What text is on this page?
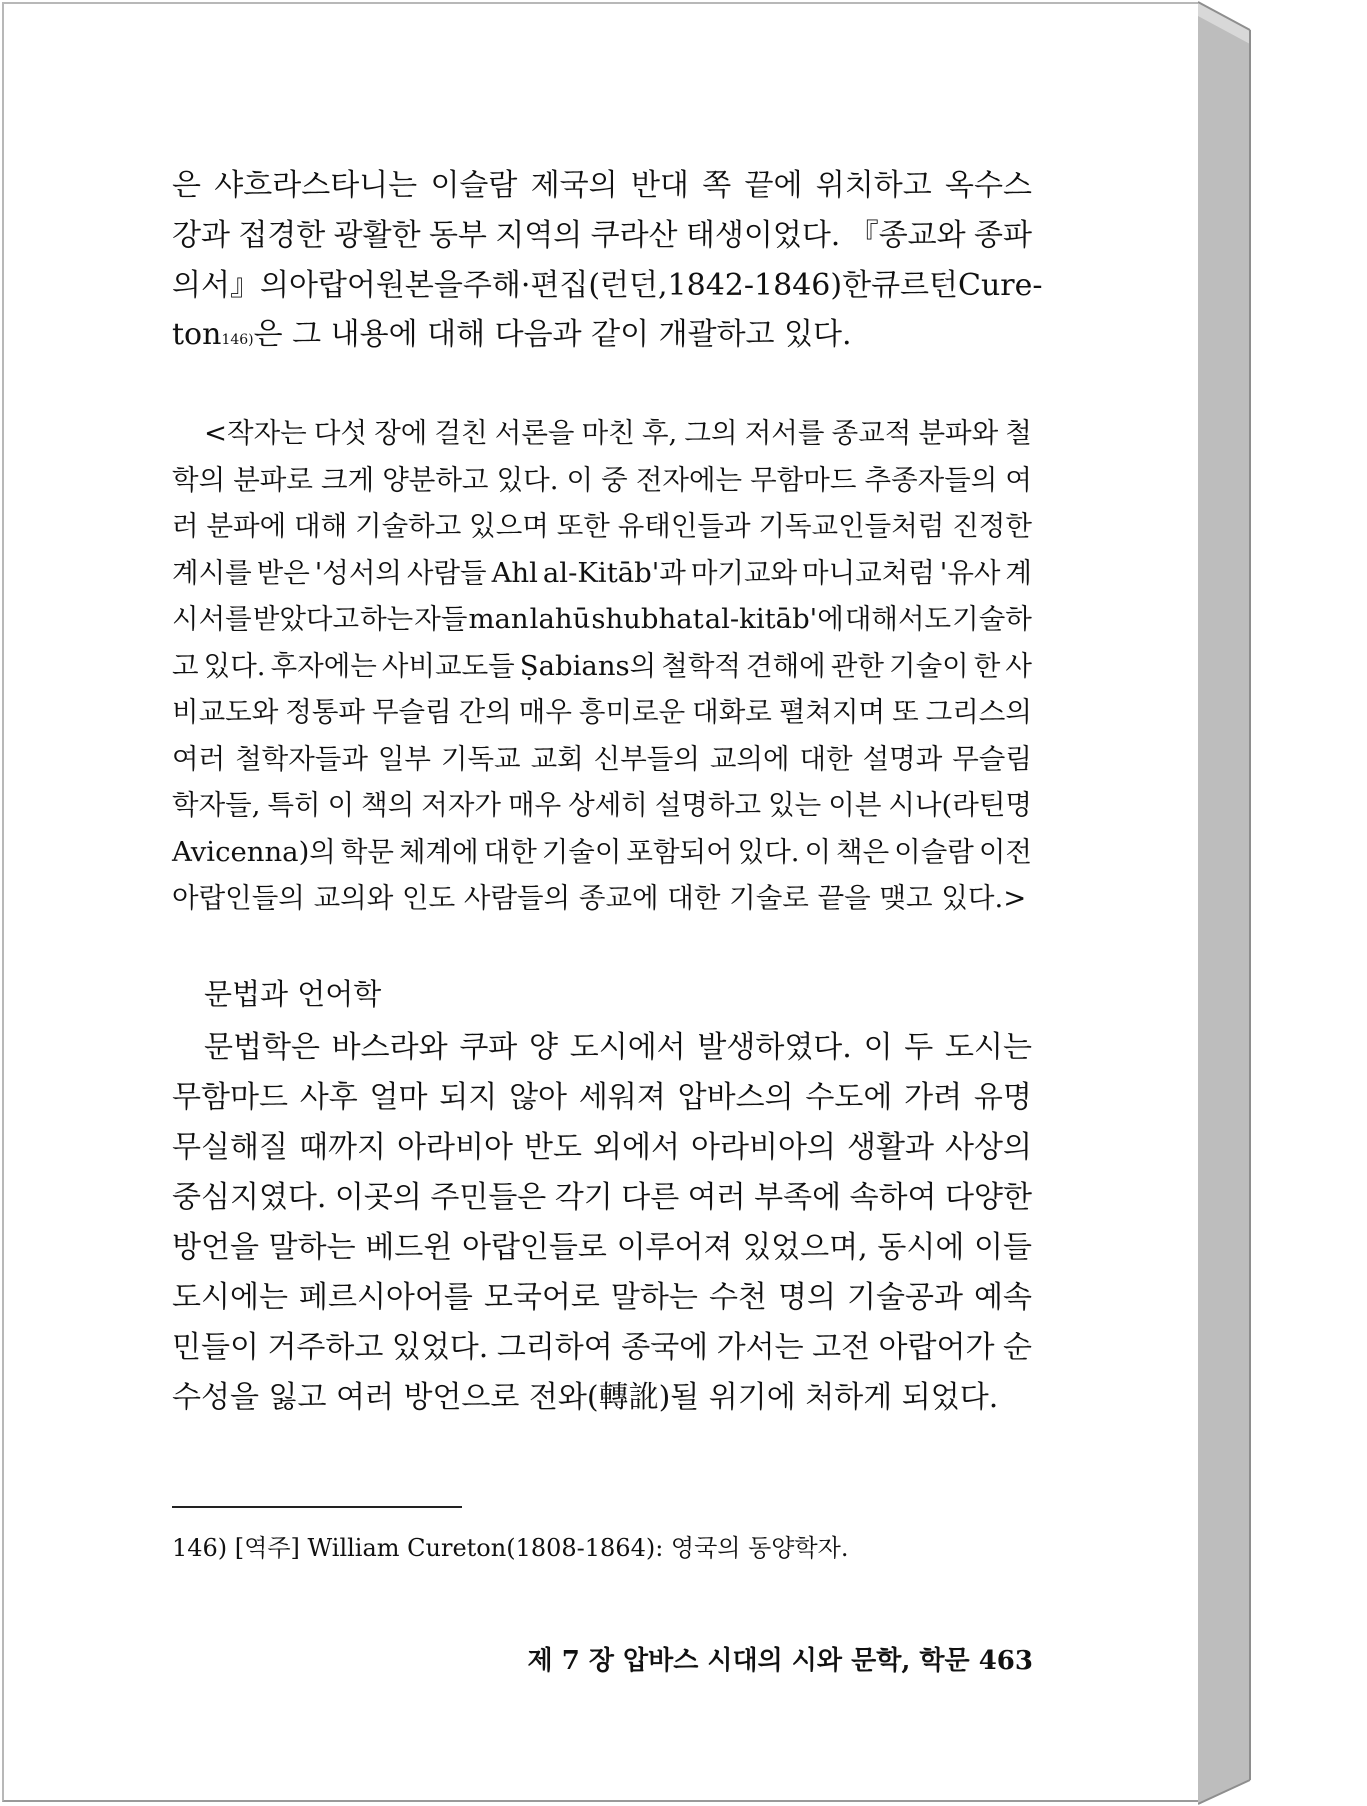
은 샤흐라스타니는 이슬람 제국의 반대 쪽 끝에 위치하고 옥수스
강과 접경한 광활한 동부 지역의 쿠라산 태생이었다. 『종교와 종파
의 서』의 아랍어 원본을 주해 · 편집(런던, 1842-1846)한 큐르턴 Cure-
ton 146) 은 그 내용에 대해 다음과 같이 개괄하고 있다.
<작자는 다섯 장에 걸친 서론을 마친 후, 그의 저서를 종교적 분파와 철
학의 분파로 크게 양분하고 있다. 이 중 전자에는 무함마드 추종자들의 여
러 분파에 대해 기술하고 있으며 또한 유태인들과 기독교인들처럼 진정한
계시를 받은 '성서의 사람들 Ahl al-Kitāb'과 마기교와 마니교처럼 '유사 계
시서를 받았다고 하는 자들 man lahū shubhat al-kitāb'에 대해서도 기술하
고 있다. 후자에는 사비교도들 Ṣabians의 철학적 견해에 관한 기술이 한 사
비교도와 정통파 무슬림 간의 매우 흥미로운 대화로 펼쳐지며 또 그리스의
여러 철학자들과 일부 기독교 교회 신부들의 교의에 대한 설명과 무슬림
학자들, 특히 이 책의 저자가 매우 상세히 설명하고 있는 이븐 시나(라틴명
Avicenna)의 학문 체계에 대한 기술이 포함되어 있다. 이 책은 이슬람 이전
아랍인들의 교의와 인도 사람들의 종교에 대한 기술로 끝을 맺고 있다.>
문법과 언어학
문법학은 바스라와 쿠파 양 도시에서 발생하였다. 이 두 도시는
무함마드 사후 얼마 되지 않아 세워져 압바스의 수도에 가려 유명
무실해질 때까지 아라비아 반도 외에서 아라비아의 생활과 사상의
중심지였다. 이곳의 주민들은 각기 다른 여러 부족에 속하여 다양한
방언을 말하는 베드윈 아랍인들로 이루어져 있었으며, 동시에 이들
도시에는 페르시아어를 모국어로 말하는 수천 명의 기술공과 예속
민들이 거주하고 있었다. 그리하여 종국에 가서는 고전 아랍어가 순
수성을 잃고 여러 방언으로 전와(轉訛)될 위기에 처하게 되었다.
146) [역주] William Cureton(1808-1864): 영국의 동양학자.
제 7 장 압바스 시대의 시와 문학, 학문 463
